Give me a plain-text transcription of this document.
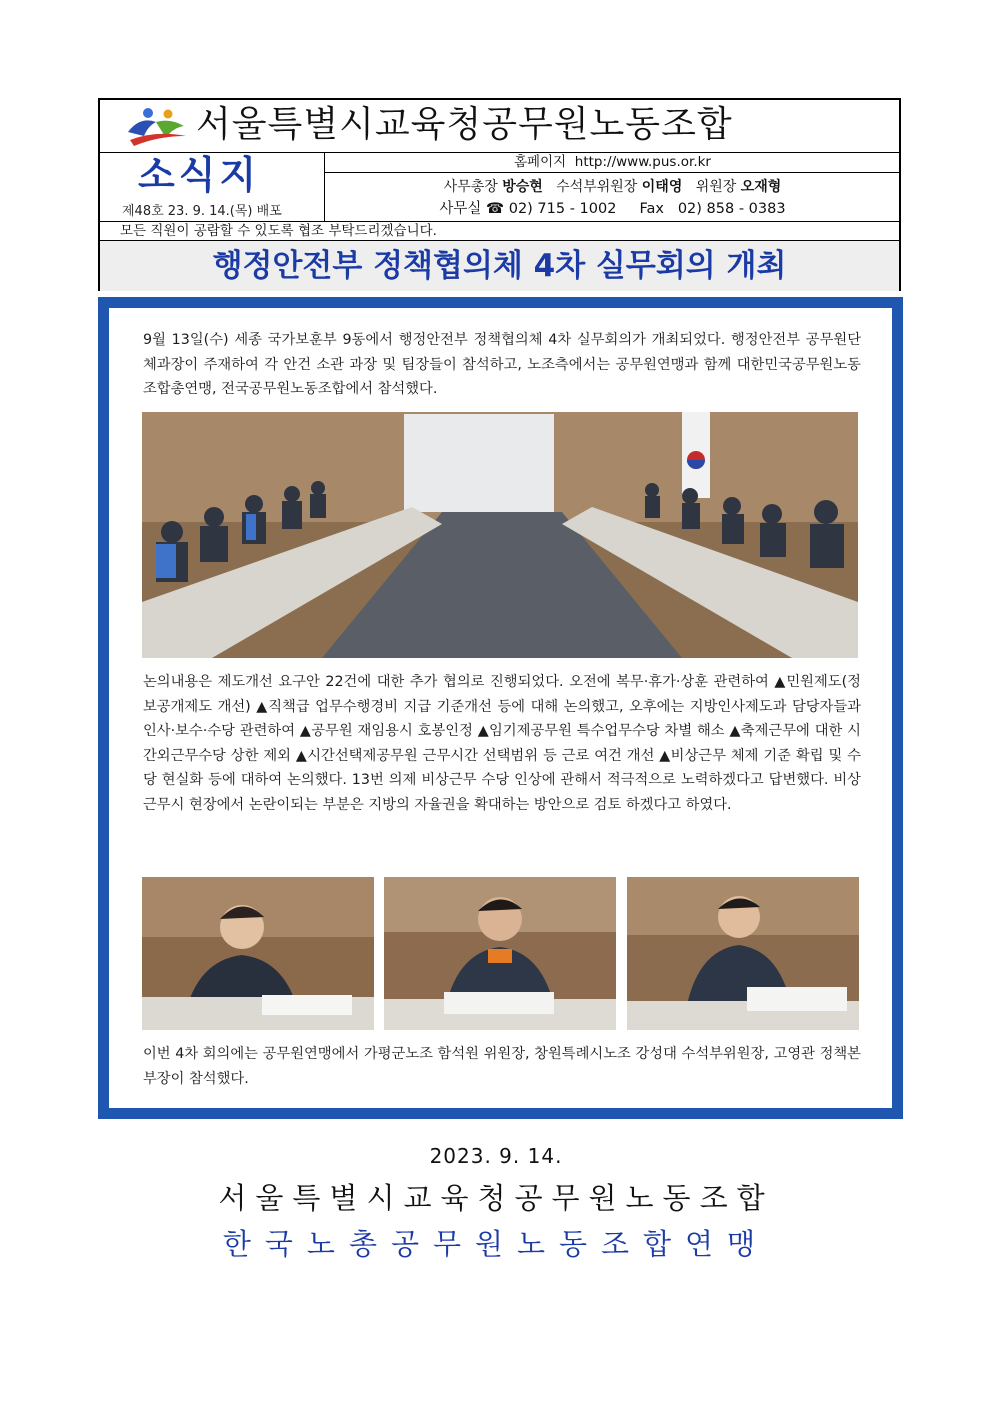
서울특별시교육청공무원노동조합
소식지
제48호 23. 9. 14.(목) 배포
홈페이지 http://www.pus.or.kr
사무총장 방승현 수석부위원장 이태영 위원장 오재형
사무실 ☎ 02) 715 - 1002 Fax 02) 858 - 0383
모든 직원이 공람할 수 있도록 협조 부탁드리겠습니다.
행정안전부 정책협의체 4차 실무회의 개최
9월 13일(수) 세종 국가보훈부 9동에서 행정안전부 정책협의체 4차 실무회의가 개최되었다. 행정안전부 공무원단체과장이 주재하여 각 안건 소관 과장 및 팀장들이 참석하고, 노조측에서는 공무원연맹과 함께 대한민국공무원노동조합총연맹, 전국공무원노동조합에서 참석했다.
논의내용은 제도개선 요구안 22건에 대한 추가 협의로 진행되었다. 오전에 복무·휴가·상훈 관련하여 ▲민원제도(정보공개제도 개선) ▲직책급 업무수행경비 지급 기준개선 등에 대해 논의했고, 오후에는 지방인사제도과 담당자들과 인사·보수·수당 관련하여 ▲공무원 재임용시 호봉인정 ▲임기제공무원 특수업무수당 차별 해소 ▲축제근무에 대한 시간외근무수당 상한 제외 ▲시간선택제공무원 근무시간 선택범위 등 근로 여건 개선 ▲비상근무 체제 기준 확립 및 수당 현실화 등에 대하여 논의했다. 13번 의제 비상근무 수당 인상에 관해서 적극적으로 노력하겠다고 답변했다. 비상근무시 현장에서 논란이되는 부분은 지방의 자율권을 확대하는 방안으로 검토 하겠다고 하였다.
이번 4차 회의에는 공무원연맹에서 가평군노조 함석원 위원장, 창원특례시노조 강성대 수석부위원장, 고영관 정책본부장이 참석했다.
2023. 9. 14.
서울특별시교육청공무원노동조합
한국노총공무원노동조합연맹
